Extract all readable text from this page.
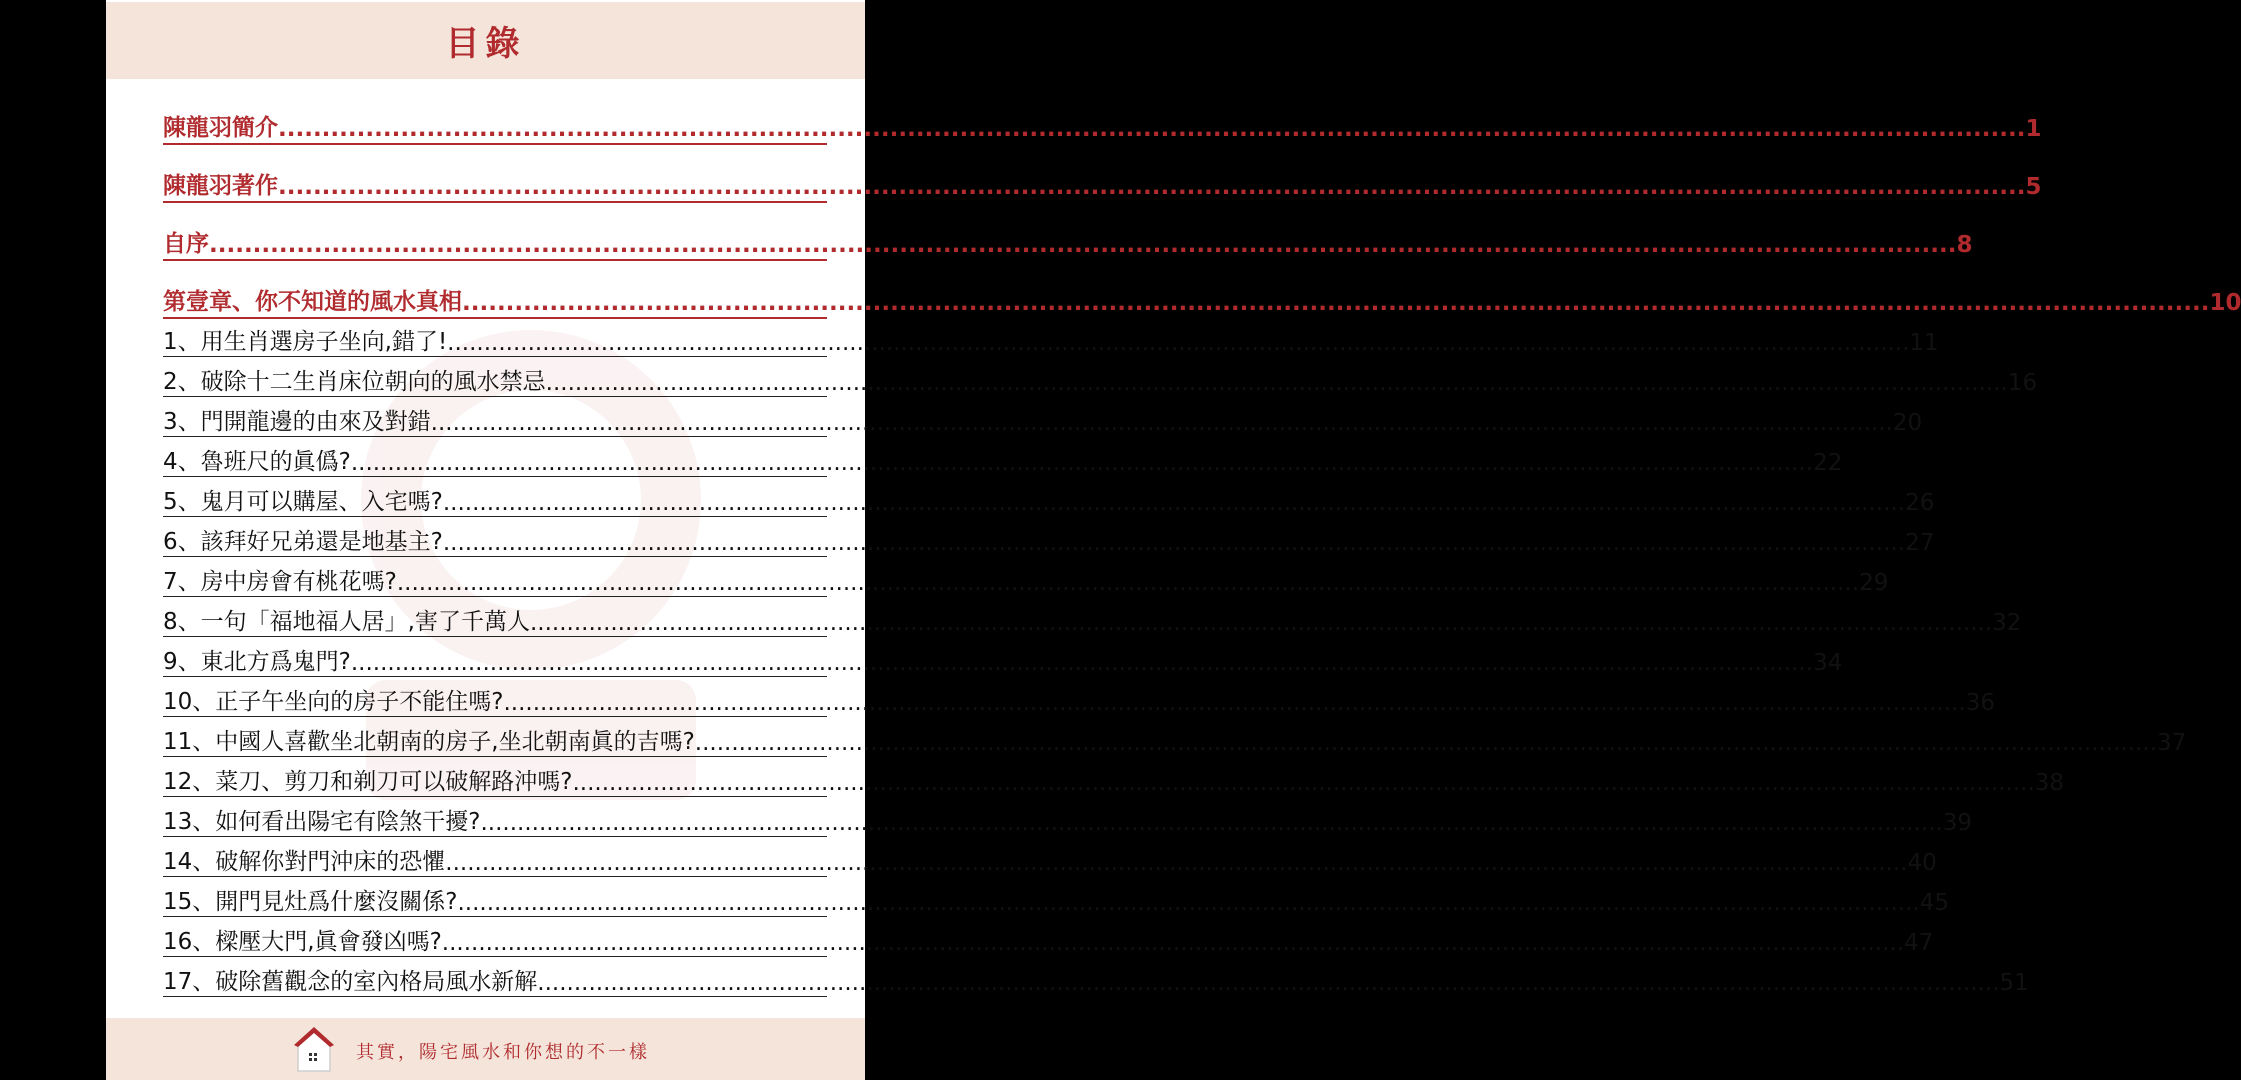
目錄
陳龍羽簡介 ........................................................................................................................................................................................................ 1
陳龍羽著作 ........................................................................................................................................................................................................ 5
自序 ........................................................................................................................................................................................................ 8
第壹章、你不知道的風水真相 ........................................................................................................................................................................................................ 10
1、用生肖選房子坐向,錯了! ........................................................................................................................................................................................................ 11
2、破除十二生肖床位朝向的風水禁忌 ........................................................................................................................................................................................................ 16
3、門開龍邊的由來及對錯 ........................................................................................................................................................................................................ 20
4、魯班尺的眞僞? ........................................................................................................................................................................................................ 22
5、鬼月可以購屋、入宅嗎? ........................................................................................................................................................................................................ 26
6、該拜好兄弟還是地基主? ........................................................................................................................................................................................................ 27
7、房中房會有桃花嗎? ........................................................................................................................................................................................................ 29
8、一句「福地福人居」,害了千萬人 ........................................................................................................................................................................................................ 32
9、東北方爲鬼門? ........................................................................................................................................................................................................ 34
10、正子午坐向的房子不能住嗎? ........................................................................................................................................................................................................ 36
11、中國人喜歡坐北朝南的房子,坐北朝南眞的吉嗎? ........................................................................................................................................................................................................ 37
12、菜刀、剪刀和剃刀可以破解路沖嗎? ........................................................................................................................................................................................................ 38
13、如何看出陽宅有陰煞干擾? ........................................................................................................................................................................................................ 39
14、破解你對門沖床的恐懼 ........................................................................................................................................................................................................ 40
15、開門見灶爲什麼沒關係? ........................................................................................................................................................................................................ 45
16、樑壓大門,眞會發凶嗎? ........................................................................................................................................................................................................ 47
17、破除舊觀念的室內格局風水新解 ........................................................................................................................................................................................................ 51
其實，陽宅風水和你想的不一樣
